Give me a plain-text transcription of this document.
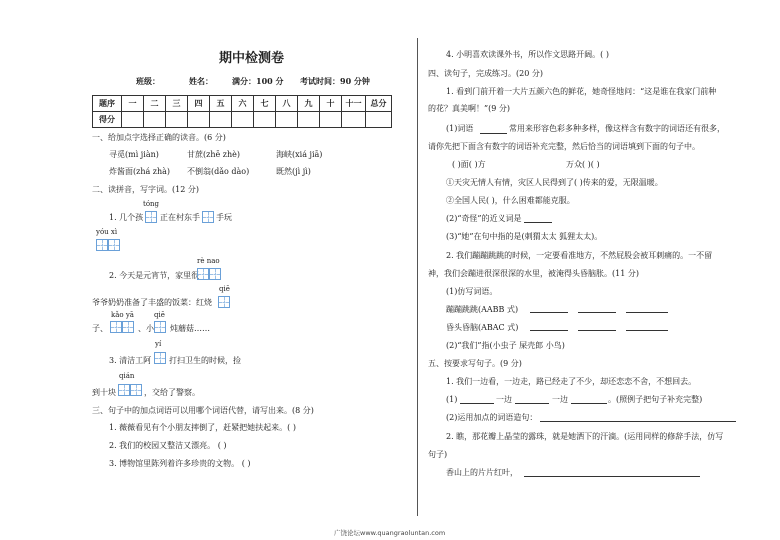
期中检测卷
班级：	姓名： 满分：100 分 考试时间：90 分钟
题序	一	二	三	四	五	六	七	八	九	十	十一	总分
得分												
一、给加点字选择正确的读音。(6 分)
寻觅(mì jiàn)	甘蔗(zhē zhè)	海峡(xiá jiā)
炸酱面(zhá zhà) 不倒翁(dǎo dào)	既然(jì jì)
二、读拼音，写字词。(12 分)
tóng
1. 几个孩 正在村东手 手玩
yóu xì
rè nao
2. 今天是元宵节，家里很
qiē
爷爷奶奶准备了丰盛的饭菜：红烧
kǎo yā	qiē
子、	、小 炖蘑菇……
yí
3. 清洁工阿 打扫卫生的时候，捡
qián
到十块	，交给了警察。
三、句子中的加点词语可以用哪个词语代替，请写出来。(8 分)
1. 薇薇看见有个小朋友摔倒了，赶紧把她扶起来。( )
2. 我们的校园又整洁又漂亮。 ( )
3. 博物馆里陈列着许多珍贵的文物。 ( )
4. 小明喜欢读课外书，所以作文思路开阔。( )
四、读句子，完成练习。(20 分)
1. 看到门前开着一大片五颜六色的鲜花，她奇怪地问：“这是谁在我家门前种
的花？真美啊！”(9 分)
(1)词语	常用来形容色彩多种多样，像这样含有数字的词语还有很多，
请你先把下面含有数字的词语补充完整，然后恰当的词语填到下面的句子中。
( )面( )方	万众( )( )
①天灾无情人有情，灾区人民得到了( )传来的爱，无限温暖。
②全国人民( )，什么困难都能克服。
(2)“奇怪”的近义词是
(3)“她”在句中指的是(刺猬太太 狐狸太太)。
2. 我们蹦蹦跳跳的时候，一定要看准地方，不然屁股会被耳刺痛的。一不留
神，我们会蹦进很深很深的水里，被淹得头昏脑胀。(11 分)
(1)仿写词语。
蹦蹦跳跳(AABB 式)
昏头昏脑(ABAC 式)
(2)“我们”指(小虫子 屎壳郎 小鸟)
五、按要求写句子。(9 分)
1. 我们一边看，一边走，路已经走了不少，却还恋恋不舍，不想回去。
(1)	一边	一边	。(照例子把句子补充完整)
(2)运用加点的词语造句：
2. 瞧，那花瓣上晶莹的露珠，就是她洒下的汗滴。(运用同样的修辞手法，仿写
句子)
香山上的片片红叶，
广饶论坛www.quangraoluntan.com
